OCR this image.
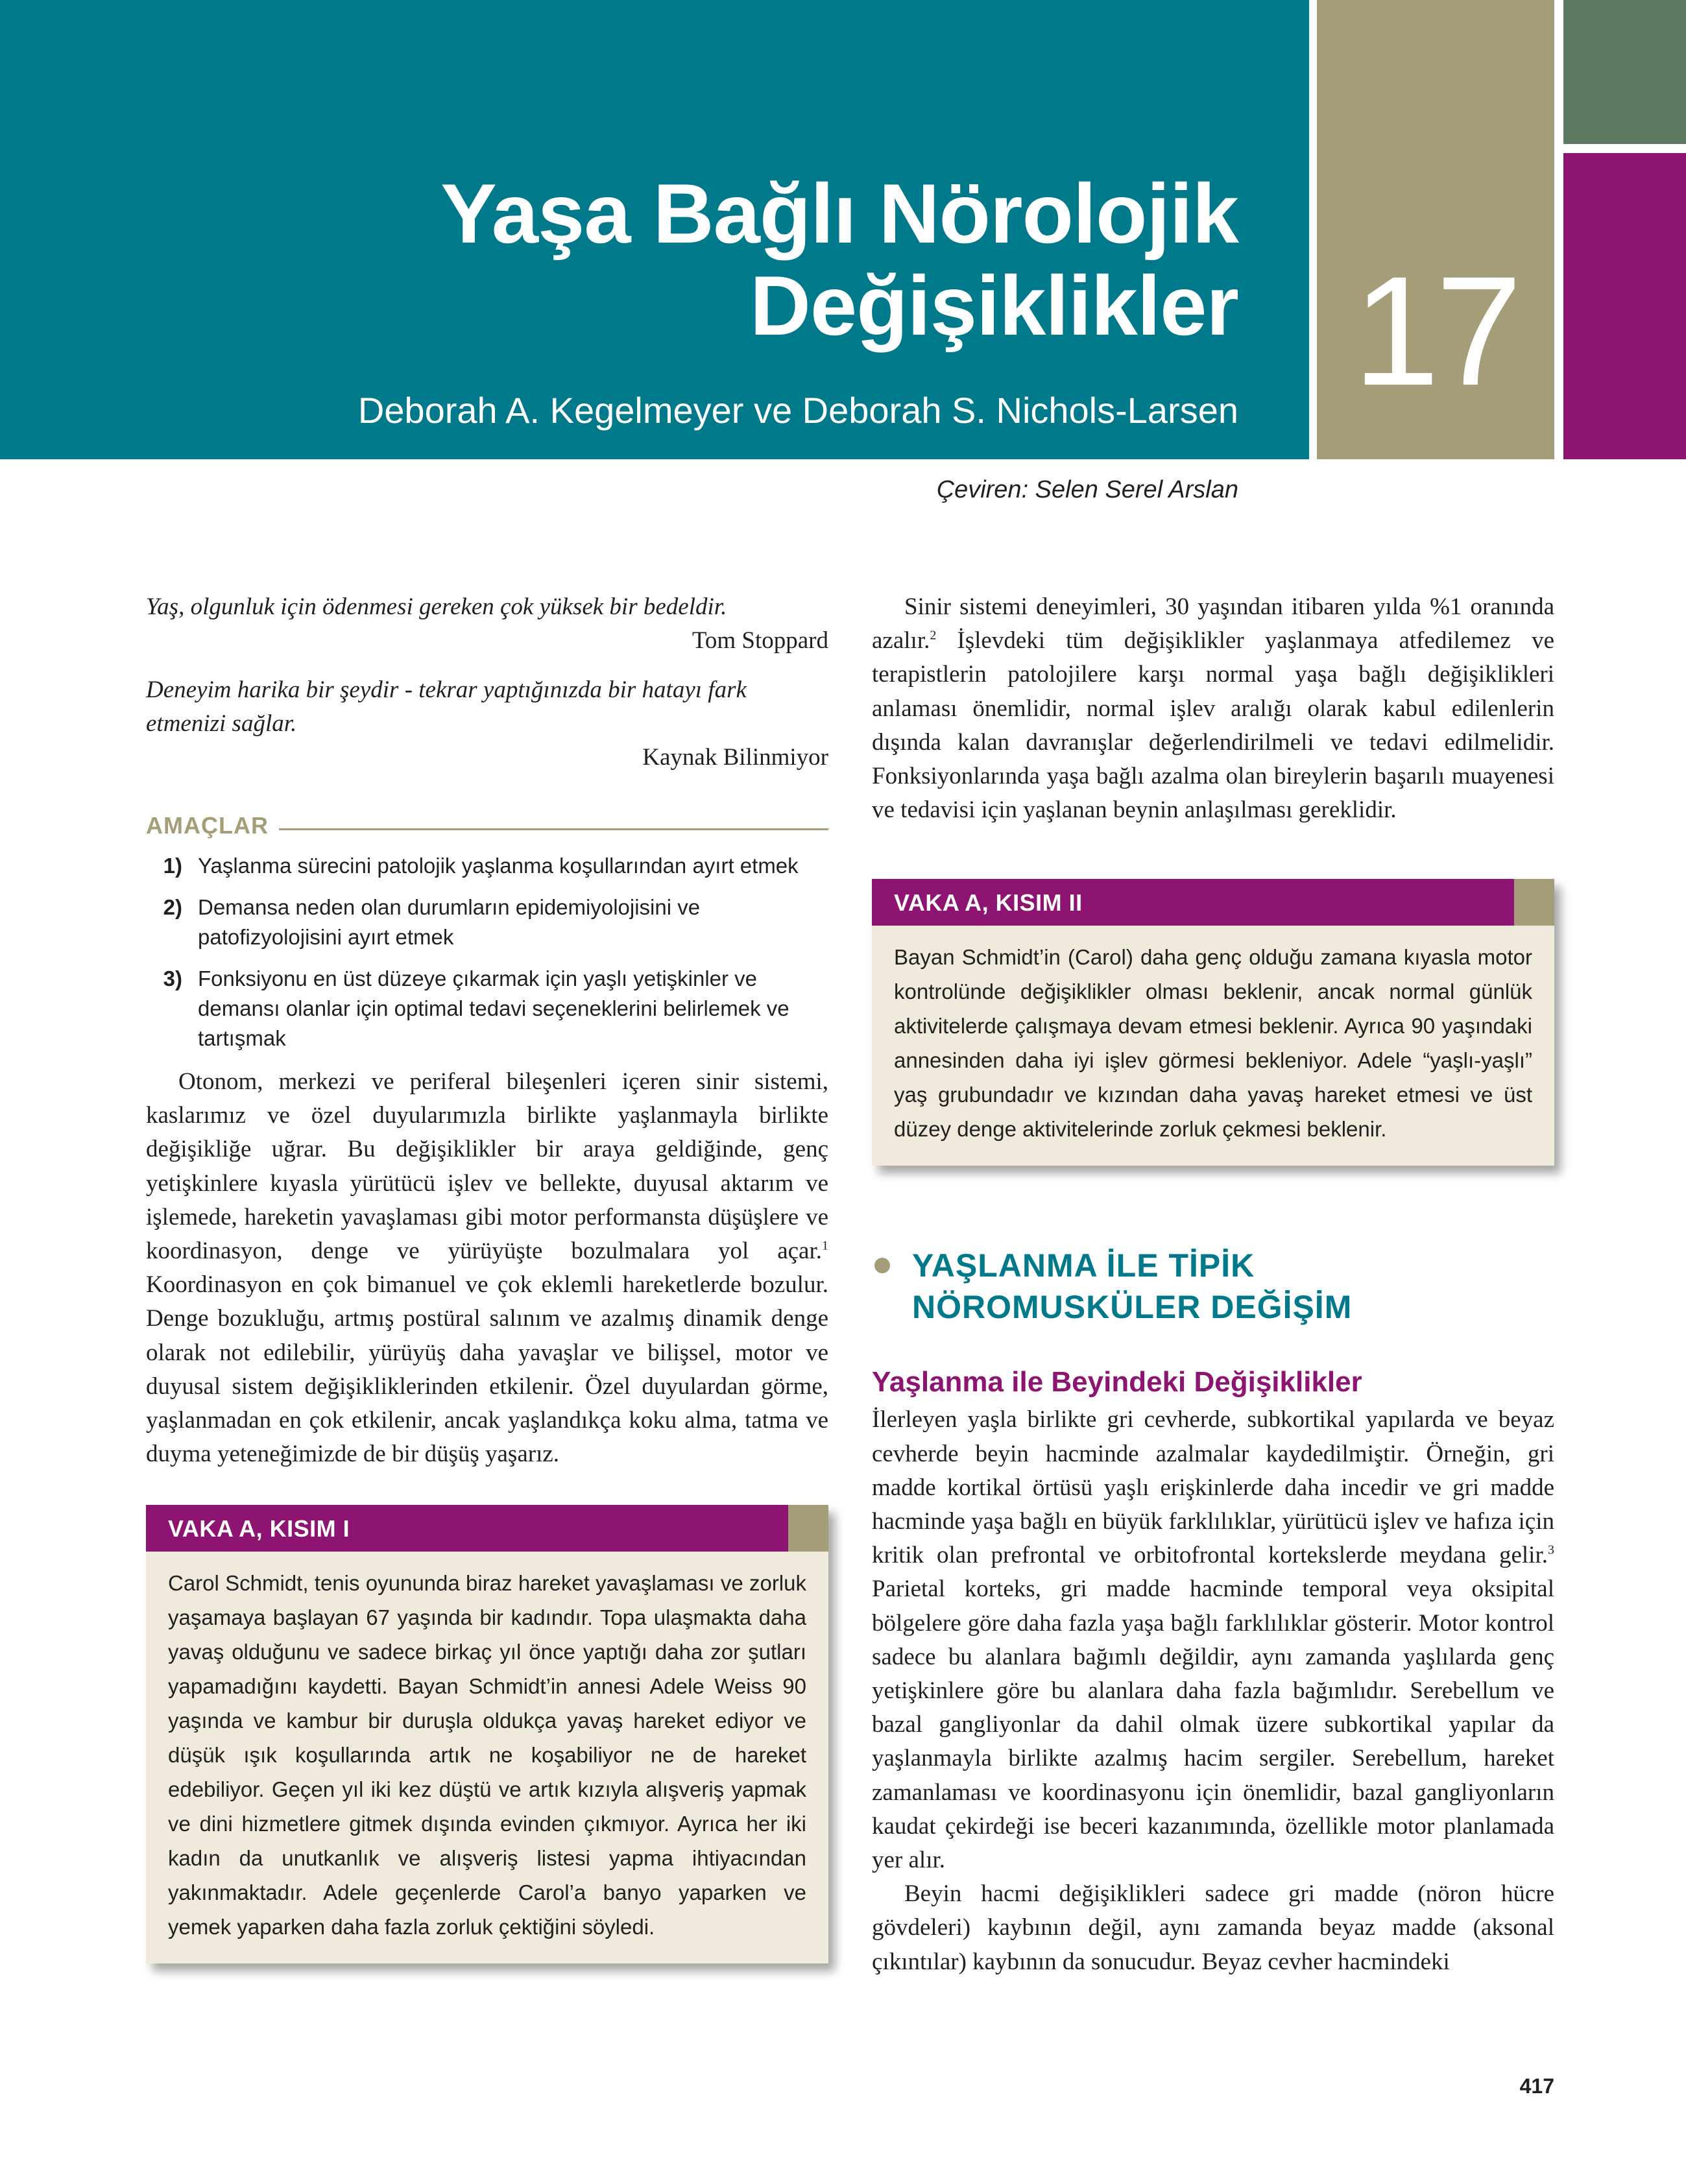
Yaşa Bağlı Nörolojik
Değişiklikler
Deborah A. Kegelmeyer ve Deborah S. Nichols-Larsen 17
Çeviren: Selen Serel Arslan
Yaş, olgunluk için ödenmesi gereken çok yüksek bir bedeldir.
Tom Stoppard
Deneyim harika bir şeydir - tekrar yaptığınızda bir hatayı fark etmenizi sağlar.
Kaynak Bilinmiyor
AMAÇLAR
1) Yaşlanma sürecini patolojik yaşlanma koşullarından ayırt etmek
2) Demansa neden olan durumların epidemiyolojisini ve patofizyolojisini ayırt etmek
3) Fonksiyonu en üst düzeye çıkarmak için yaşlı yetişkinler ve demansı olanlar için optimal tedavi seçeneklerini belirlemek ve tartışmak

Otonom, merkezi ve periferal bileşenleri içeren sinir sistemi, kaslarımız ve özel duyularımızla birlikte yaşlanmayla birlikte değişikliğe uğrar. Bu değişiklikler bir araya geldiğinde, genç yetişkinlere kıyasla yürütücü işlev ve bellekte, duyusal aktarım ve işlemede, hareketin yavaşlaması gibi motor performansta düşüşlere ve koordinasyon, denge ve yürüyüşte bozulmalara yol açar.$^1$ Koordinasyon en çok bimanuel ve çok eklemli hareketlerde bozulur. Denge bozukluğu, artmış postüral salınım ve azalmış dinamik denge olarak not edilebilir, yürüyüş daha yavaşlar ve bilişsel, motor ve duyusal sistem değişikliklerinden etkilenir. Özel duyulardan görme, yaşlanmadan en çok etkilenir, ancak yaşlandıkça koku alma, tatma ve duyma yeteneğimizde de bir düşüş yaşarız.

VAKA A, KISIM I
Carol Schmidt, tenis oyununda biraz hareket yavaşlaması ve zorluk yaşamaya başlayan 67 yaşında bir kadındır. Topa ulaşmakta daha yavaş olduğunu ve sadece birkaç yıl önce yaptığı daha zor şutları yapamadığını kaydetti. Bayan Schmidt’in annesi Adele Weiss 90 yaşında ve kambur bir duruşla oldukça yavaş hareket ediyor ve düşük ışık koşullarında artık ne koşabiliyor ne de hareket edebiliyor. Geçen yıl iki kez düştü ve artık kızıyla alışveriş yapmak ve dini hizmetlere gitmek dışında evinden çıkmıyor. Ayrıca her iki kadın da unutkanlık ve alışveriş listesi yapma ihtiyacından yakınmaktadır. Adele geçenlerde Carol’a banyo yaparken ve yemek yaparken daha fazla zorluk çektiğini söyledi.

Sinir sistemi deneyimleri, 30 yaşından itibaren yılda %1 oranında azalır.$^2$ İşlevdeki tüm değişiklikler yaşlanmaya atfedilemez ve terapistlerin patolojilere karşı normal yaşa bağlı değişiklikleri anlaması önemlidir, normal işlev aralığı olarak kabul edilenlerin dışında kalan davranışlar değerlendirilmeli ve tedavi edilmelidir. Fonksiyonlarında yaşa bağlı azalma olan bireylerin başarılı muayenesi ve tedavisi için yaşlanan beynin anlaşılması gereklidir.

VAKA A, KISIM II
Bayan Schmidt’in (Carol) daha genç olduğu zamana kıyasla motor kontrolünde değişiklikler olması beklenir, ancak normal günlük aktivitelerde çalışmaya devam etmesi beklenir. Ayrıca 90 yaşındaki annesinden daha iyi işlev görmesi bekleniyor. Adele “yaşlı-yaşlı” yaş grubundadır ve kızından daha yavaş hareket etmesi ve üst düzey denge aktivitelerinde zorluk çekmesi beklenir.
YAŞLANMA İLE TİPİK
NÖROMUSKÜLER DEĞİŞİM
Yaşlanma ile Beyindeki Değişiklikler

İlerleyen yaşla birlikte gri cevherde, subkortikal yapılarda ve beyaz cevherde beyin hacminde azalmalar kaydedilmiştir. Örneğin, gri madde kortikal örtüsü yaşlı erişkinlerde daha incedir ve gri madde hacminde yaşa bağlı en büyük farklılıklar, yürütücü işlev ve hafıza için kritik olan prefrontal ve orbitofrontal kortekslerde meydana gelir.$^3$ Parietal korteks, gri madde hacminde temporal veya oksipital bölgelere göre daha fazla yaşa bağlı farklılıklar gösterir. Motor kontrol sadece bu alanlara bağımlı değildir, aynı zamanda yaşlılarda genç yetişkinlere göre bu alanlara daha fazla bağımlıdır. Serebellum ve bazal gangliyonlar da dahil olmak üzere subkortikal yapılar da yaşlanmayla birlikte azalmış hacim sergiler. Serebellum, hareket zamanlaması ve koordinasyonu için önemlidir, bazal gangliyonların kaudat çekirdeği ise beceri kazanımında, özellikle motor planlamada yer alır.

Beyin hacmi değişiklikleri sadece gri madde (nöron hücre gövdeleri) kaybının değil, aynı zamanda beyaz madde (aksonal çıkıntılar) kaybının da sonucudur. Beyaz cevher hacmindeki

417
